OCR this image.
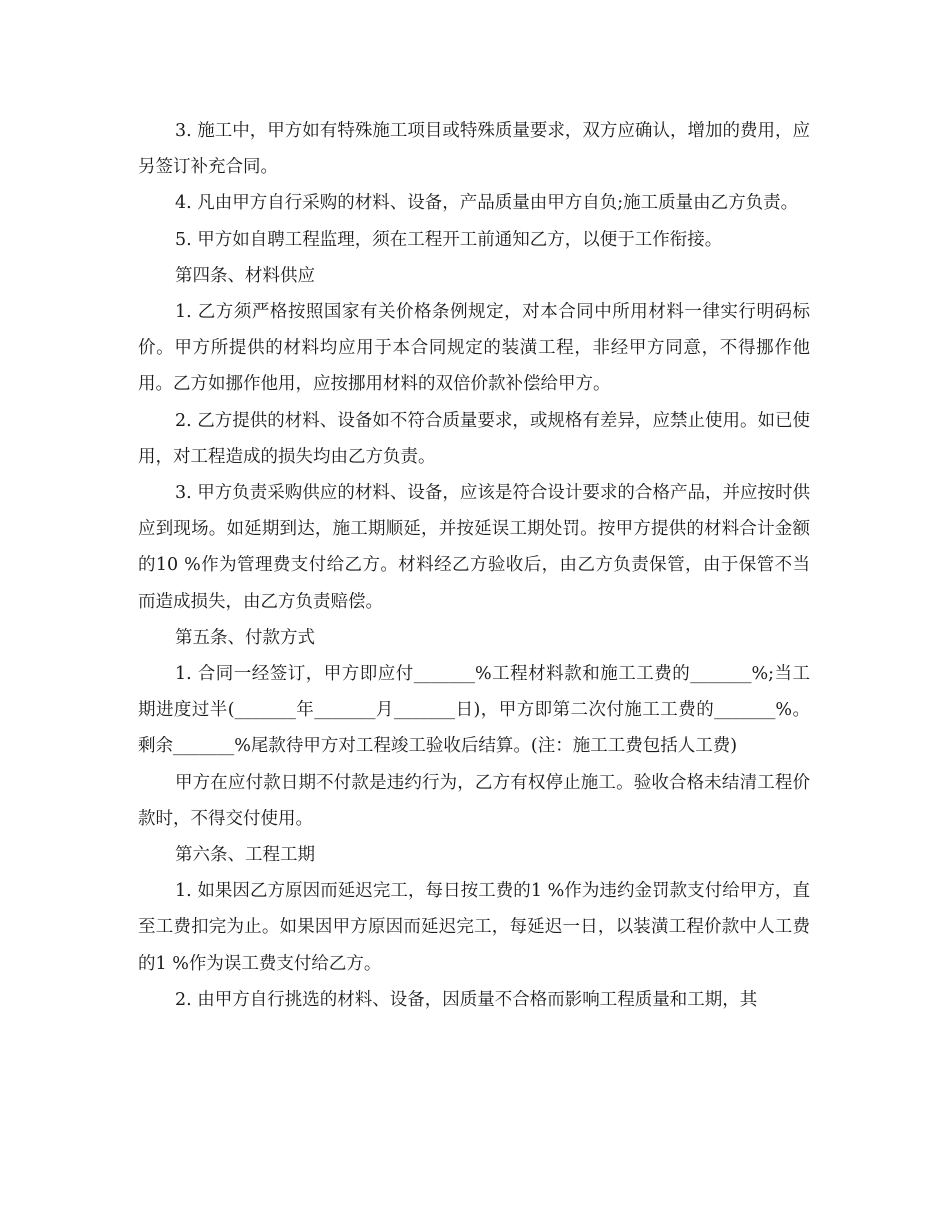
3. 施工中，甲方如有特殊施工项目或特殊质量要求，双方应确认，增加的费用，应另签订补充合同。

4. 凡由甲方自行采购的材料、设备，产品质量由甲方自负;施工质量由乙方负责。

5. 甲方如自聘工程监理，须在工程开工前通知乙方，以便于工作衔接。

第四条、材料供应

1. 乙方须严格按照国家有关价格条例规定，对本合同中所用材料一律实行明码标价。甲方所提供的材料均应用于本合同规定的装潢工程，非经甲方同意，不得挪作他用。乙方如挪作他用，应按挪用材料的双倍价款补偿给甲方。

2. 乙方提供的材料、设备如不符合质量要求，或规格有差异，应禁止使用。如已使用，对工程造成的损失均由乙方负责。

3. 甲方负责采购供应的材料、设备，应该是符合设计要求的合格产品，并应按时供应到现场。如延期到达，施工期顺延，并按延误工期处罚。按甲方提供的材料合计金额的10 %作为管理费支付给乙方。材料经乙方验收后，由乙方负责保管，由于保管不当而造成损失，由乙方负责赔偿。

第五条、付款方式

1. 合同一经签订，甲方即应付_______%工程材料款和施工工费的_______%;当工期进度过半(_______年_______月_______日)，甲方即第二次付施工工费的_______%。剩余_______%尾款待甲方对工程竣工验收后结算。(注：施工工费包括人工费)

甲方在应付款日期不付款是违约行为，乙方有权停止施工。验收合格未结清工程价款时，不得交付使用。

第六条、工程工期

1. 如果因乙方原因而延迟完工，每日按工费的1 %作为违约金罚款支付给甲方，直至工费扣完为止。如果因甲方原因而延迟完工，每延迟一日，以装潢工程价款中人工费的1 %作为误工费支付给乙方。

2. 由甲方自行挑选的材料、设备，因质量不合格而影响工程质量和工期，其
